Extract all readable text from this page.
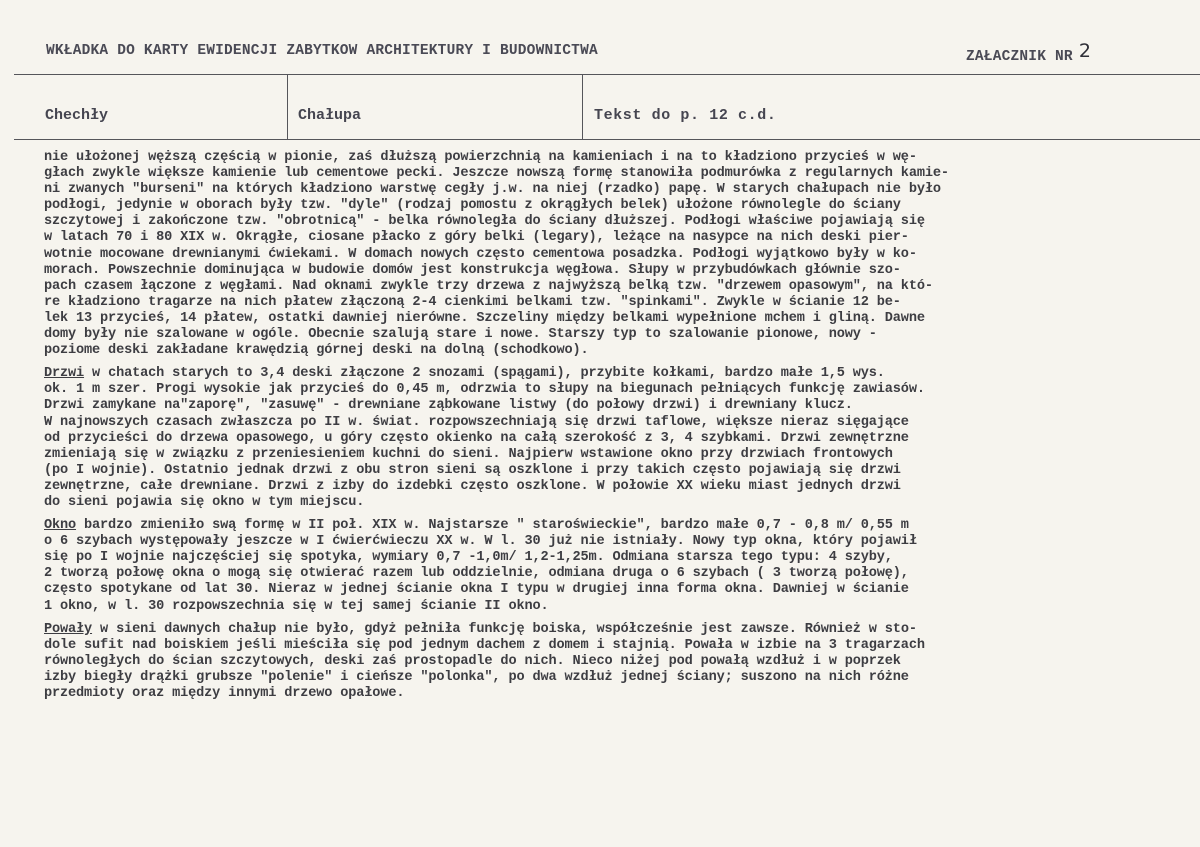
WKŁADKA DO KARTY EWIDENCJI ZABYTKOW ARCHITEKTURY I BUDOWNICTWA	ZAŁACZNIK NR 2
Chechły	Chałupa	Tekst do p. 12 c.d.
nie ułożonej węższą częścią w pionie, zaś dłuższą powierzchnią na kamieniach i na to kładziono przycieś w wę-
głach zwykle większe kamienie lub cementowe pecki. Jeszcze nowszą formę stanowiła podmurówka z regularnych kamie-
ni zwanych "burseni" na których kładziono warstwę cegły j.w. na niej (rzadko) papę. W starych chałupach nie było
podłogi, jedynie w oborach były tzw. "dyle" (rodzaj pomostu z okrągłych belek) ułożone równolegle do ściany
szczytowej i zakończone tzw. "obrotnicą" - belka równoległa do ściany dłuższej. Podłogi właściwe pojawiają się
w latach 70 i 80 XIX w. Okrągłe, ciosane płacko z góry belki (legary), leżące na nasypce na nich deski pier-
wotnie mocowane drewnianymi ćwiekami. W domach nowych często cementowa posadzka. Podłogi wyjątkowo były w ko-
morach. Powszechnie dominująca w budowie domów jest konstrukcja węgłowa. Słupy w przybudówkach głównie szo-
pach czasem łączone z węgłami. Nad oknami zwykle trzy drzewa z najwyższą belką tzw. "drzewem opasowym", na któ-
re kładziono tragarze na nich płatew złączoną 2-4 cienkimi belkami tzw. "spinkami". Zwykle w ścianie 12 be-
lek 13 przycieś, 14 płatew, ostatki dawniej nierówne. Szczeliny między belkami wypełnione mchem i gliną. Dawne
domy były nie szalowane w ogóle. Obecnie szalują stare i nowe. Starszy typ to szalowanie pionowe, nowy -
poziome deski zakładane krawędzią górnej deski na dolną (schodkowo).
Drzwi w chatach starych to 3,4 deski złączone 2 snozami (spągami), przybite kołkami, bardzo małe 1,5 wys.
ok. 1 m szer. Progi wysokie jak przycieś do 0,45 m, odrzwia to słupy na biegunach pełniących funkcję zawiasów.
Drzwi zamykane na"zaporę", "zasuwę" - drewniane ząbkowane listwy (do połowy drzwi) i drewniany klucz.
W najnowszych czasach zwłaszcza po II w. świat. rozpowszechniają się drzwi taflowe, większe nieraz sięgające
od przycieści do drzewa opasowego, u góry często okienko na całą szerokość z 3, 4 szybkami. Drzwi zewnętrzne
zmieniają się w związku z przeniesieniem kuchni do sieni. Najpierw wstawione okno przy drzwiach frontowych
(po I wojnie). Ostatnio jednak drzwi z obu stron sieni są oszklone i przy takich często pojawiają się drzwi
zewnętrzne, całe drewniane. Drzwi z izby do izdebki często oszklone. W połowie XX wieku miast jednych drzwi
do sieni pojawia się okno w tym miejscu.
Okno bardzo zmieniło swą formę w II poł. XIX w. Najstarsze " staroświeckie", bardzo małe 0,7 - 0,8 m/ 0,55 m
o 6 szybach występowały jeszcze w I ćwierćwieczu XX w. W l. 30 już nie istniały. Nowy typ okna, który pojawił
się po I wojnie najczęściej się spotyka, wymiary 0,7 -1,0m/ 1,2-1,25m. Odmiana starsza tego typu: 4 szyby,
2 tworzą połowę okna o mogą się otwierać razem lub oddzielnie, odmiana druga o 6 szybach ( 3 tworzą połowę),
często spotykane od lat 30. Nieraz w jednej ścianie okna I typu w drugiej inna forma okna. Dawniej w ścianie
1 okno, w l. 30 rozpowszechnia się w tej samej ścianie II okno.
Powały w sieni dawnych chałup nie było, gdyż pełniła funkcję boiska, współcześnie jest zawsze. Również w sto-
dole sufit nad boiskiem jeśli mieściła się pod jednym dachem z domem i stajnią. Powała w izbie na 3 tragarzach
równoległych do ścian szczytowych, deski zaś prostopadle do nich. Nieco niżej pod powałą wzdłuż i w poprzek
izby biegły drążki grubsze "polenie" i cieńsze "polonka", po dwa wzdłuż jednej ściany; suszono na nich różne
przedmioty oraz między innymi drzewo opałowe.
